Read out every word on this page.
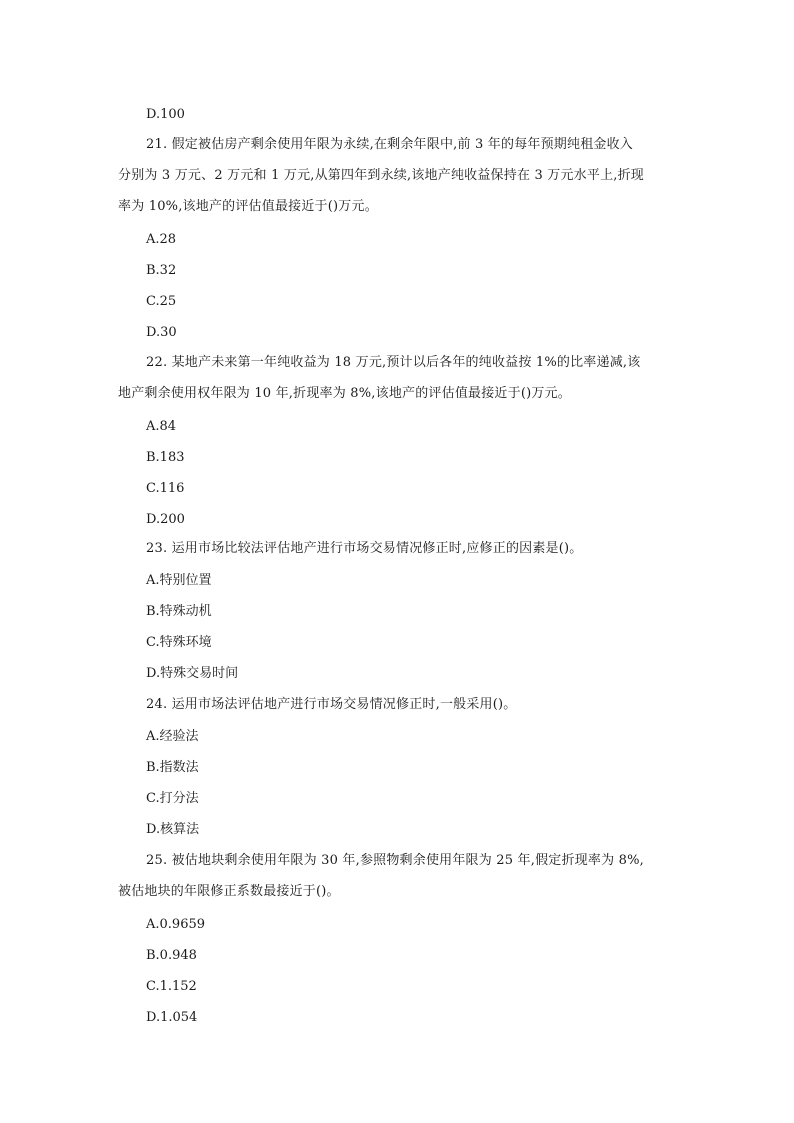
D.100
21. 假定被估房产剩余使用年限为永续,在剩余年限中,前 3 年的每年预期纯租金收入
分别为 3 万元、2 万元和 1 万元,从第四年到永续,该地产纯收益保持在 3 万元水平上,折现
率为 10%,该地产的评估值最接近于()万元。
A.28
B.32
C.25
D.30
22. 某地产未来第一年纯收益为 18 万元,预计以后各年的纯收益按 1%的比率递减,该
地产剩余使用权年限为 10 年,折现率为 8%,该地产的评估值最接近于()万元。
A.84
B.183
C.116
D.200
23. 运用市场比较法评估地产进行市场交易情况修正时,应修正的因素是()。
A.特别位置
B.特殊动机
C.特殊环境
D.特殊交易时间
24. 运用市场法评估地产进行市场交易情况修正时,一般采用()。
A.经验法
B.指数法
C.打分法
D.核算法
25. 被估地块剩余使用年限为 30 年,参照物剩余使用年限为 25 年,假定折现率为 8%,
被估地块的年限修正系数最接近于()。
A.0.9659
B.0.948
C.1.152
D.1.054
